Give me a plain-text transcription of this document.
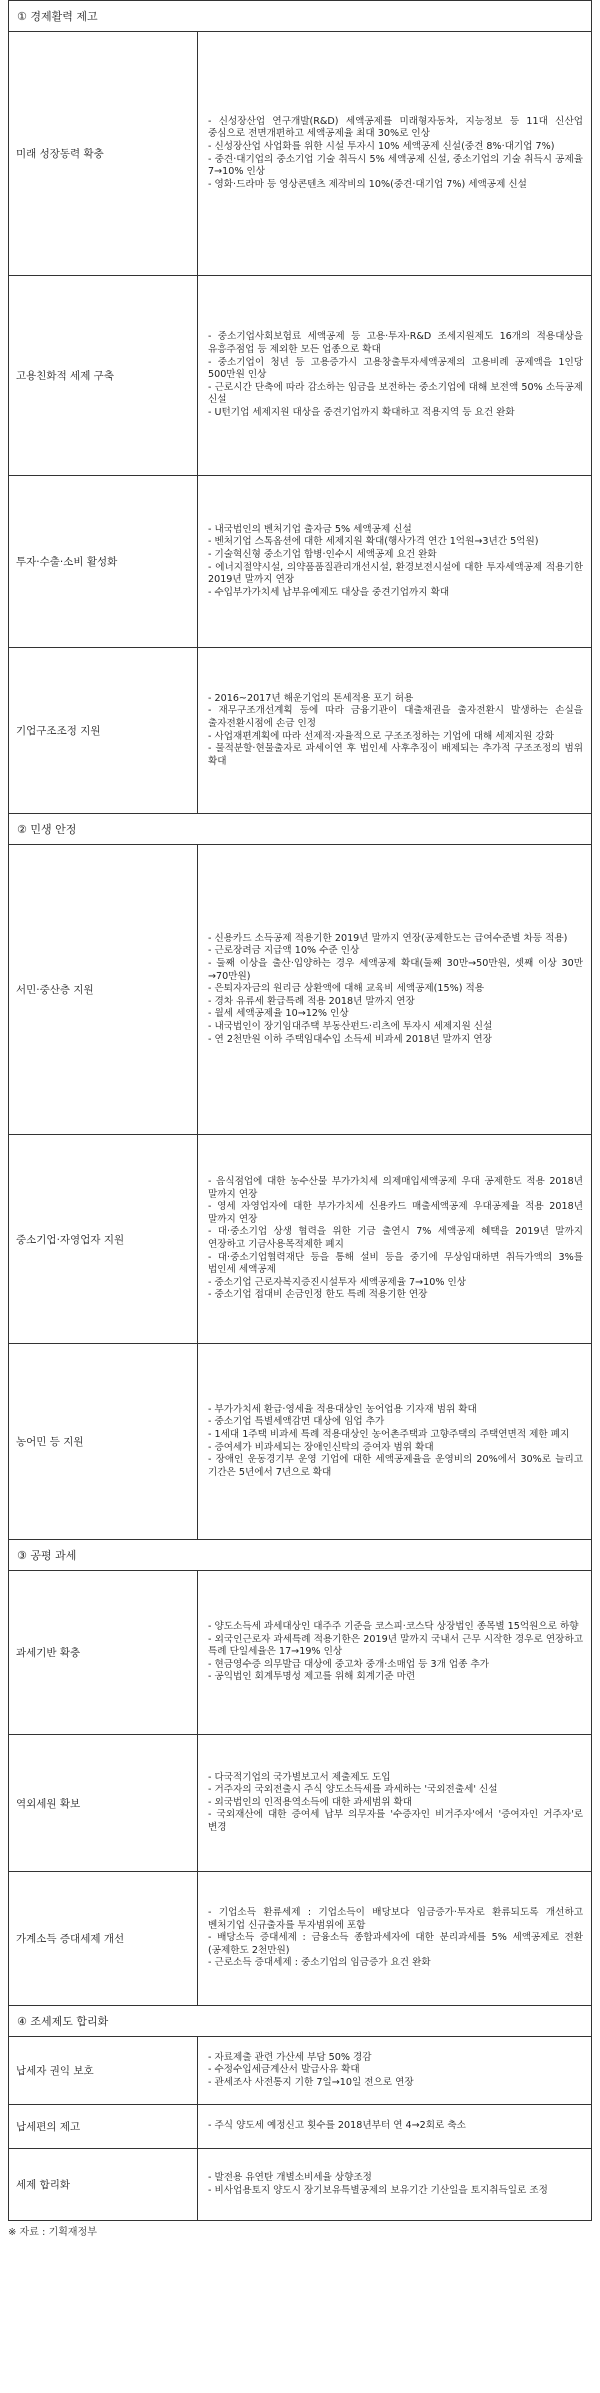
① 경제활력 제고
미래 성장동력 확충
- 신성장산업 연구개발(R&D) 세액공제를 미래형자동차, 지능정보 등 11대 신산업 중심으로 전면개편하고 세액공제율 최대 30%로 인상
- 신성장산업 사업화를 위한 시설 투자시 10% 세액공제 신설(중견 8%·대기업 7%)
- 중견·대기업의 중소기업 기술 취득시 5% 세액공제 신설, 중소기업의 기술 취득시 공제율 7→10% 인상
- 영화·드라마 등 영상콘텐츠 제작비의 10%(중견·대기업 7%) 세액공제 신설
고용친화적 세제 구축
- 중소기업사회보험료 세액공제 등 고용·투자·R&D 조세지원제도 16개의 적용대상을 유흥주점업 등 제외한 모든 업종으로 확대
- 중소기업이 청년 등 고용증가시 고용창출투자세액공제의 고용비례 공제액을 1인당 500만원 인상
- 근로시간 단축에 따라 감소하는 임금을 보전하는 중소기업에 대해 보전액 50% 소득공제 신설
- U턴기업 세제지원 대상을 중견기업까지 확대하고 적용지역 등 요건 완화
투자·수출·소비 활성화
- 내국법인의 벤처기업 출자금 5% 세액공제 신설
- 벤처기업 스톡옵션에 대한 세제지원 확대(행사가격 연간 1억원→3년간 5억원)
- 기술혁신형 중소기업 합병·인수시 세액공제 요건 완화
- 에너지절약시설, 의약품품질관리개선시설, 환경보전시설에 대한 투자세액공제 적용기한 2019년 말까지 연장
- 수입부가가치세 납부유예제도 대상을 중견기업까지 확대
기업구조조정 지원
- 2016~2017년 해운기업의 톤세적용 포기 허용
- 재무구조개선계획 등에 따라 금융기관이 대출채권을 출자전환시 발생하는 손실을 출자전환시점에 손금 인정
- 사업재편계획에 따라 선제적·자율적으로 구조조정하는 기업에 대해 세제지원 강화
- 물적분할·현물출자로 과세이연 후 법인세 사후추징이 배제되는 추가적 구조조정의 범위 확대
② 민생 안정
서민·중산층 지원
- 신용카드 소득공제 적용기한 2019년 말까지 연장(공제한도는 급여수준별 차등 적용)
- 근로장려금 지급액 10% 수준 인상
- 둘째 이상을 출산·입양하는 경우 세액공제 확대(둘째 30만→50만원, 셋째 이상 30만→70만원)
- 은퇴자자금의 원리금 상환액에 대해 교육비 세액공제(15%) 적용
- 경차 유류세 환급특례 적용 2018년 말까지 연장
- 월세 세액공제율 10→12% 인상
- 내국법인이 장기임대주택 부동산펀드·리츠에 투자시 세제지원 신설
- 연 2천만원 이하 주택임대수입 소득세 비과세 2018년 말까지 연장
중소기업·자영업자 지원
- 음식점업에 대한 농수산물 부가가치세 의제매입세액공제 우대 공제한도 적용 2018년 말까지 연장
- 영세 자영업자에 대한 부가가치세 신용카드 매출세액공제 우대공제율 적용 2018년 말까지 연장
- 대·중소기업 상생 협력을 위한 기금 출연시 7% 세액공제 혜택을 2019년 말까지 연장하고 기금사용목적제한 폐지
- 대·중소기업협력재단 등을 통해 설비 등을 중기에 무상임대하면 취득가액의 3%를 법인세 세액공제
- 중소기업 근로자복지증진시설투자 세액공제율 7→10% 인상
- 중소기업 접대비 손금인정 한도 특례 적용기한 연장
농어민 등 지원
- 부가가치세 환급·영세율 적용대상인 농어업용 기자재 범위 확대
- 중소기업 특별세액감면 대상에 임업 추가
- 1세대 1주택 비과세 특례 적용대상인 농어촌주택과 고향주택의 주택연면적 제한 폐지
- 증여세가 비과세되는 장애인신탁의 증여자 범위 확대
- 장애인 운동경기부 운영 기업에 대한 세액공제율을 운영비의 20%에서 30%로 늘리고 기간은 5년에서 7년으로 확대
③ 공평 과세
과세기반 확충
- 양도소득세 과세대상인 대주주 기준을 코스피·코스닥 상장법인 종목별 15억원으로 하향
- 외국인근로자 과세특례 적용기한은 2019년 말까지 국내서 근무 시작한 경우로 연장하고 특례 단일세율은 17→19% 인상
- 현금영수증 의무발급 대상에 중고차 중개·소매업 등 3개 업종 추가
- 공익법인 회계투명성 제고를 위해 회계기준 마련
역외세원 확보
- 다국적기업의 국가별보고서 제출제도 도입
- 거주자의 국외전출시 주식 양도소득세를 과세하는 '국외전출세' 신설
- 외국법인의 인적용역소득에 대한 과세범위 확대
- 국외재산에 대한 증여세 납부 의무자를 '수증자인 비거주자'에서 '증여자인 거주자'로 변경
가계소득 증대세제 개선
- 기업소득 환류세제 : 기업소득이 배당보다 임금증가·투자로 환류되도록 개선하고 벤처기업 신규출자를 투자범위에 포함
- 배당소득 증대세제 : 금융소득 종합과세자에 대한 분리과세를 5% 세액공제로 전환(공제한도 2천만원)
- 근로소득 증대세제 : 중소기업의 임금증가 요건 완화
④ 조세제도 합리화
납세자 권익 보호
- 자료제출 관련 가산세 부담 50% 경감
- 수정수입세금계산서 발급사유 확대
- 관세조사 사전통지 기한 7일→10일 전으로 연장
납세편의 제고	- 주식 양도세 예정신고 횟수를 2018년부터 연 4→2회로 축소
세제 합리화
- 발전용 유연탄 개별소비세율 상향조정
- 비사업용토지 양도시 장기보유특별공제의 보유기간 기산일을 토지취득일로 조정
※ 자료 : 기획재정부
